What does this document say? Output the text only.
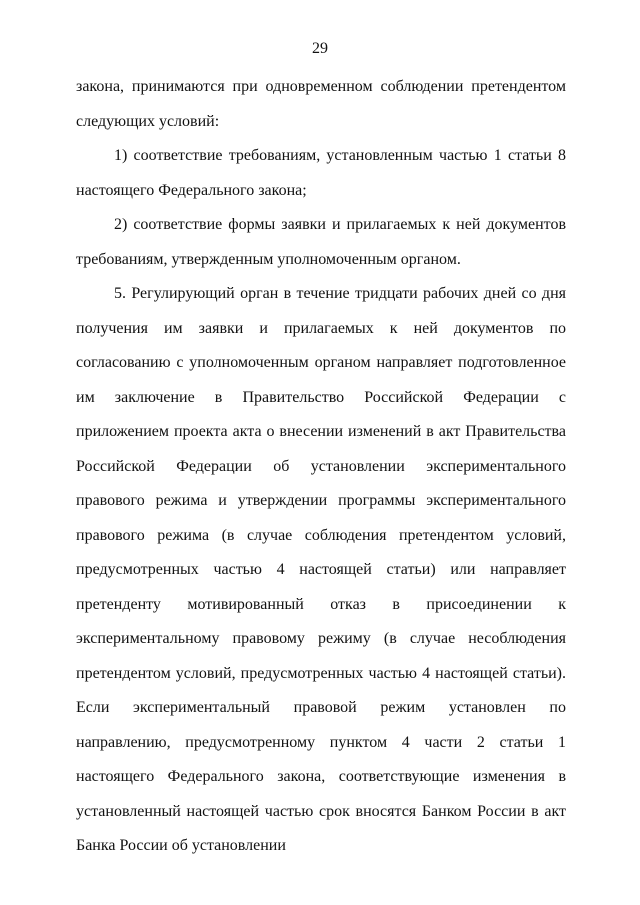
29

закона, принимаются при одновременном соблюдении претендентом следующих условий:

1) соответствие требованиям, установленным частью 1 статьи 8 настоящего Федерального закона;

2) соответствие формы заявки и прилагаемых к ней документов требованиям, утвержденным уполномоченным органом.

5. Регулирующий орган в течение тридцати рабочих дней со дня получения им заявки и прилагаемых к ней документов по согласованию с уполномоченным органом направляет подготовленное им заключение в Правительство Российской Федерации с приложением проекта акта о внесении изменений в акт Правительства Российской Федерации об установлении экспериментального правового режима и утверждении программы экспериментального правового режима (в случае соблюдения претендентом условий, предусмотренных частью 4 настоящей статьи) или направляет претенденту мотивированный отказ в присоединении к экспериментальному правовому режиму (в случае несоблюдения претендентом условий, предусмотренных частью 4 настоящей статьи). Если экспериментальный правовой режим установлен по направлению, предусмотренному пунктом 4 части 2 статьи 1 настоящего Федерального закона, соответствующие изменения в установленный настоящей частью срок вносятся Банком России в акт Банка России об установлении
